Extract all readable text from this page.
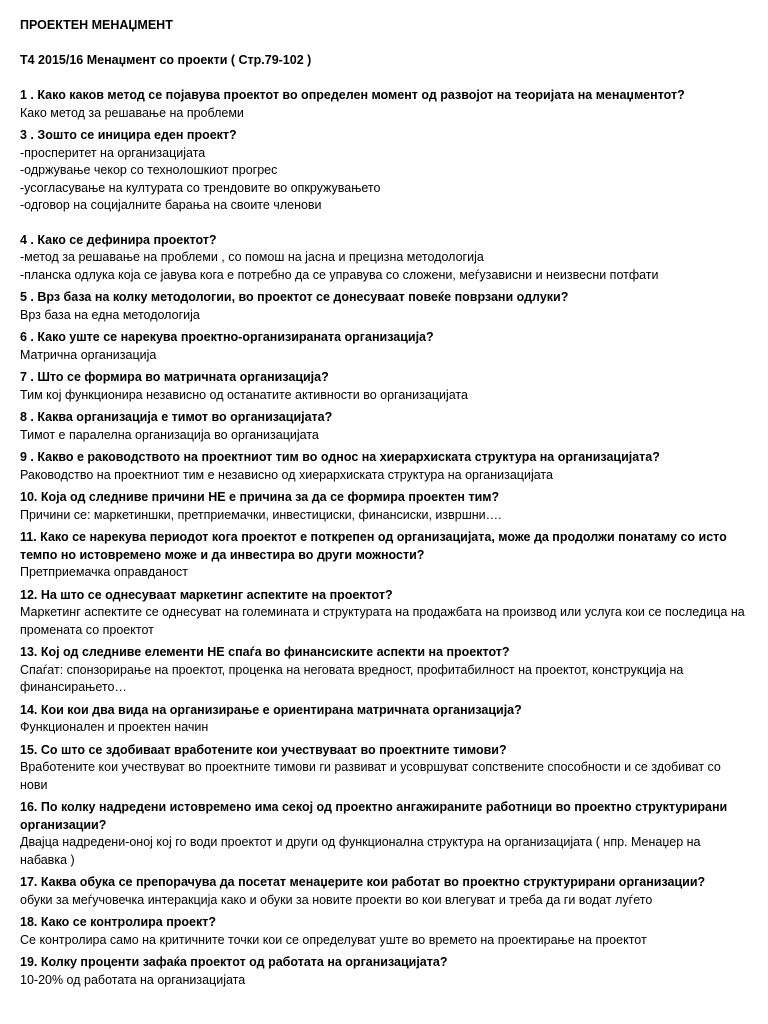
ПРОЕКТЕН МЕНАЏМЕНТ

Т4 2015/16 Менаџмент со проекти ( Стр.79-102 )

1 . Како каков метод се појавува проектот во определен момент од развојот на теоријата на менаџментот?

Како метод за решавање на проблеми

3 . Зошто се иницира еден проект?

-просперитет на организацијата
-одржување чекор со технолошкиот прогрес
-усогласување на културата со трендовите во опкружувањето
-одговор на социјалните барања на своите членови

4 . Како се дефинира проектот?

-метод за решавање на проблеми , со помош на јасна и прецизна методологија
-планска одлука која се јавува кога е потребно да се управува со сложени, меѓузависни и неизвесни потфати

5 . Врз база на колку методологии, во проектот се донесуваат повеќе поврзани одлуки?

Врз база на една методологија

6 . Како уште се нарекува проектно-организираната организација?

Матрична организација

7 . Што се формира во матричната организација?

Тим кој функционира независно од останатите активности во организацијата

8 . Каква организација е тимот во организацијата?

Тимот е паралелна организација во организацијата

9 . Какво е раководството на проектниот тим во однос на хиерархиската структура на организацијата?

Раководство на проектниот тим е независно од хиерархиската структура на организацијата

10. Која од следниве причини НЕ е причина за да се формира проектен тим?

Причини се: маркетиншки, претприемачки, инвестициски, финансиски, извршни….

11. Како се нарекува периодот кога проектот е поткрепен од организацијата, може да продолжи понатаму со исто темпо но истовремено може и да инвестира во други можности?

Претприемачка оправданост

12. На што се однесуваат маркетинг аспектите на проектот?

Маркетинг аспектите се однесуват на големината и структурата на продажбата на производ или услуга кои се последица на промената со проектот

13. Кој од следниве елементи НЕ спаѓа во финансиските аспекти на проектот?

Спаѓат: спонзорирање на проектот, проценка на неговата вредност, профитабилност на проектот, конструкција на финансирањето…

14. Кои кои два вида на организирање е ориентирана матричната организација?

Функционален и проектен начин

15. Со што се здобиваат вработените кои учествуваат во проектните тимови?

Вработените кои учествуват во проектните тимови ги развиват и усовршуват сопствените способности и се здобиват со нови

16. По колку надредени истовремено има секој од проектно ангажираните работници во проектно структурирани организации?

Двајца надредени-оној кој го води проектот и други од функционална структура на организацијата ( нпр. Менаџер на набавка )

17. Каква обука се препорачува да посетат менаџерите кои работат во проектно структурирани организации?

обуки за меѓучовечка интеракција како и обуки за новите проекти во кои влегуват и треба да ги водат луѓето

18. Како се контролира проект?

Се контролира само на критичните точки кои се определуват уште во времето на проектирање на проектот

19. Колку проценти зафаќа проектот од работата на организацијата?

10-20% од работата на организацијата
